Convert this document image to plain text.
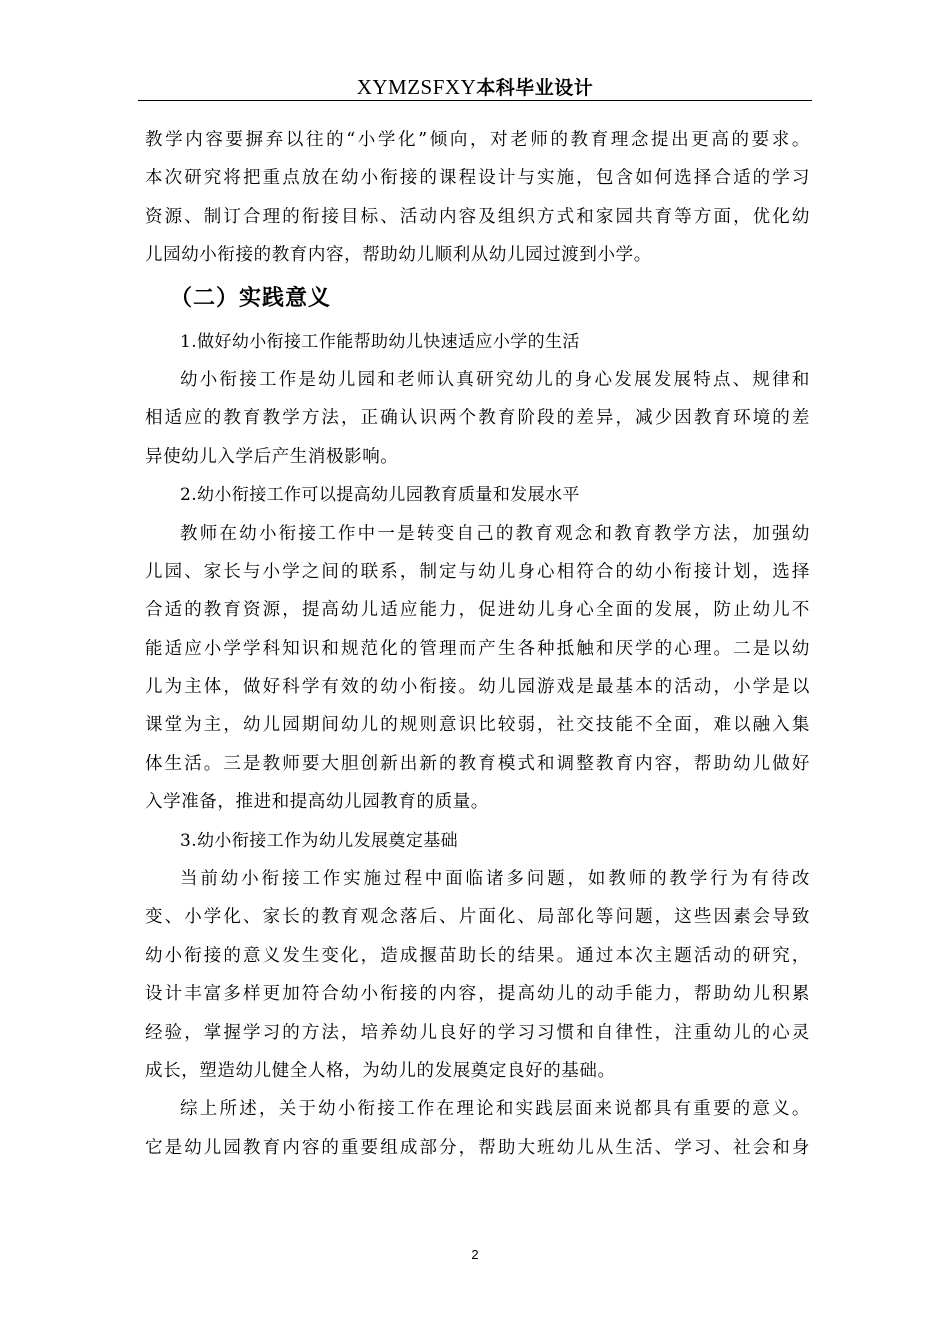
XYMZSFXY本科毕业设计
教学内容要摒弃以往的“小学化”倾向，对老师的教育理念提出更高的要求。
本次研究将把重点放在幼小衔接的课程设计与实施，包含如何选择合适的学习
资源、制订合理的衔接目标、活动内容及组织方式和家园共育等方面，优化幼
儿园幼小衔接的教育内容，帮助幼儿顺利从幼儿园过渡到小学。
（二）实践意义
1.做好幼小衔接工作能帮助幼儿快速适应小学的生活
幼小衔接工作是幼儿园和老师认真研究幼儿的身心发展发展特点、规律和
相适应的教育教学方法，正确认识两个教育阶段的差异，减少因教育环境的差
异使幼儿入学后产生消极影响。
2.幼小衔接工作可以提高幼儿园教育质量和发展水平
教师在幼小衔接工作中一是转变自己的教育观念和教育教学方法，加强幼
儿园、家长与小学之间的联系，制定与幼儿身心相符合的幼小衔接计划，选择
合适的教育资源，提高幼儿适应能力，促进幼儿身心全面的发展，防止幼儿不
能适应小学学科知识和规范化的管理而产生各种抵触和厌学的心理。二是以幼
儿为主体，做好科学有效的幼小衔接。幼儿园游戏是最基本的活动，小学是以
课堂为主，幼儿园期间幼儿的规则意识比较弱，社交技能不全面，难以融入集
体生活。三是教师要大胆创新出新的教育模式和调整教育内容，帮助幼儿做好
入学准备，推进和提高幼儿园教育的质量。
3.幼小衔接工作为幼儿发展奠定基础
当前幼小衔接工作实施过程中面临诸多问题，如教师的教学行为有待改
变、小学化、家长的教育观念落后、片面化、局部化等问题，这些因素会导致
幼小衔接的意义发生变化，造成揠苗助长的结果。通过本次主题活动的研究，
设计丰富多样更加符合幼小衔接的内容，提高幼儿的动手能力，帮助幼儿积累
经验，掌握学习的方法，培养幼儿良好的学习习惯和自律性，注重幼儿的心灵
成长，塑造幼儿健全人格，为幼儿的发展奠定良好的基础。
综上所述，关于幼小衔接工作在理论和实践层面来说都具有重要的意义。
它是幼儿园教育内容的重要组成部分，帮助大班幼儿从生活、学习、社会和身
2
